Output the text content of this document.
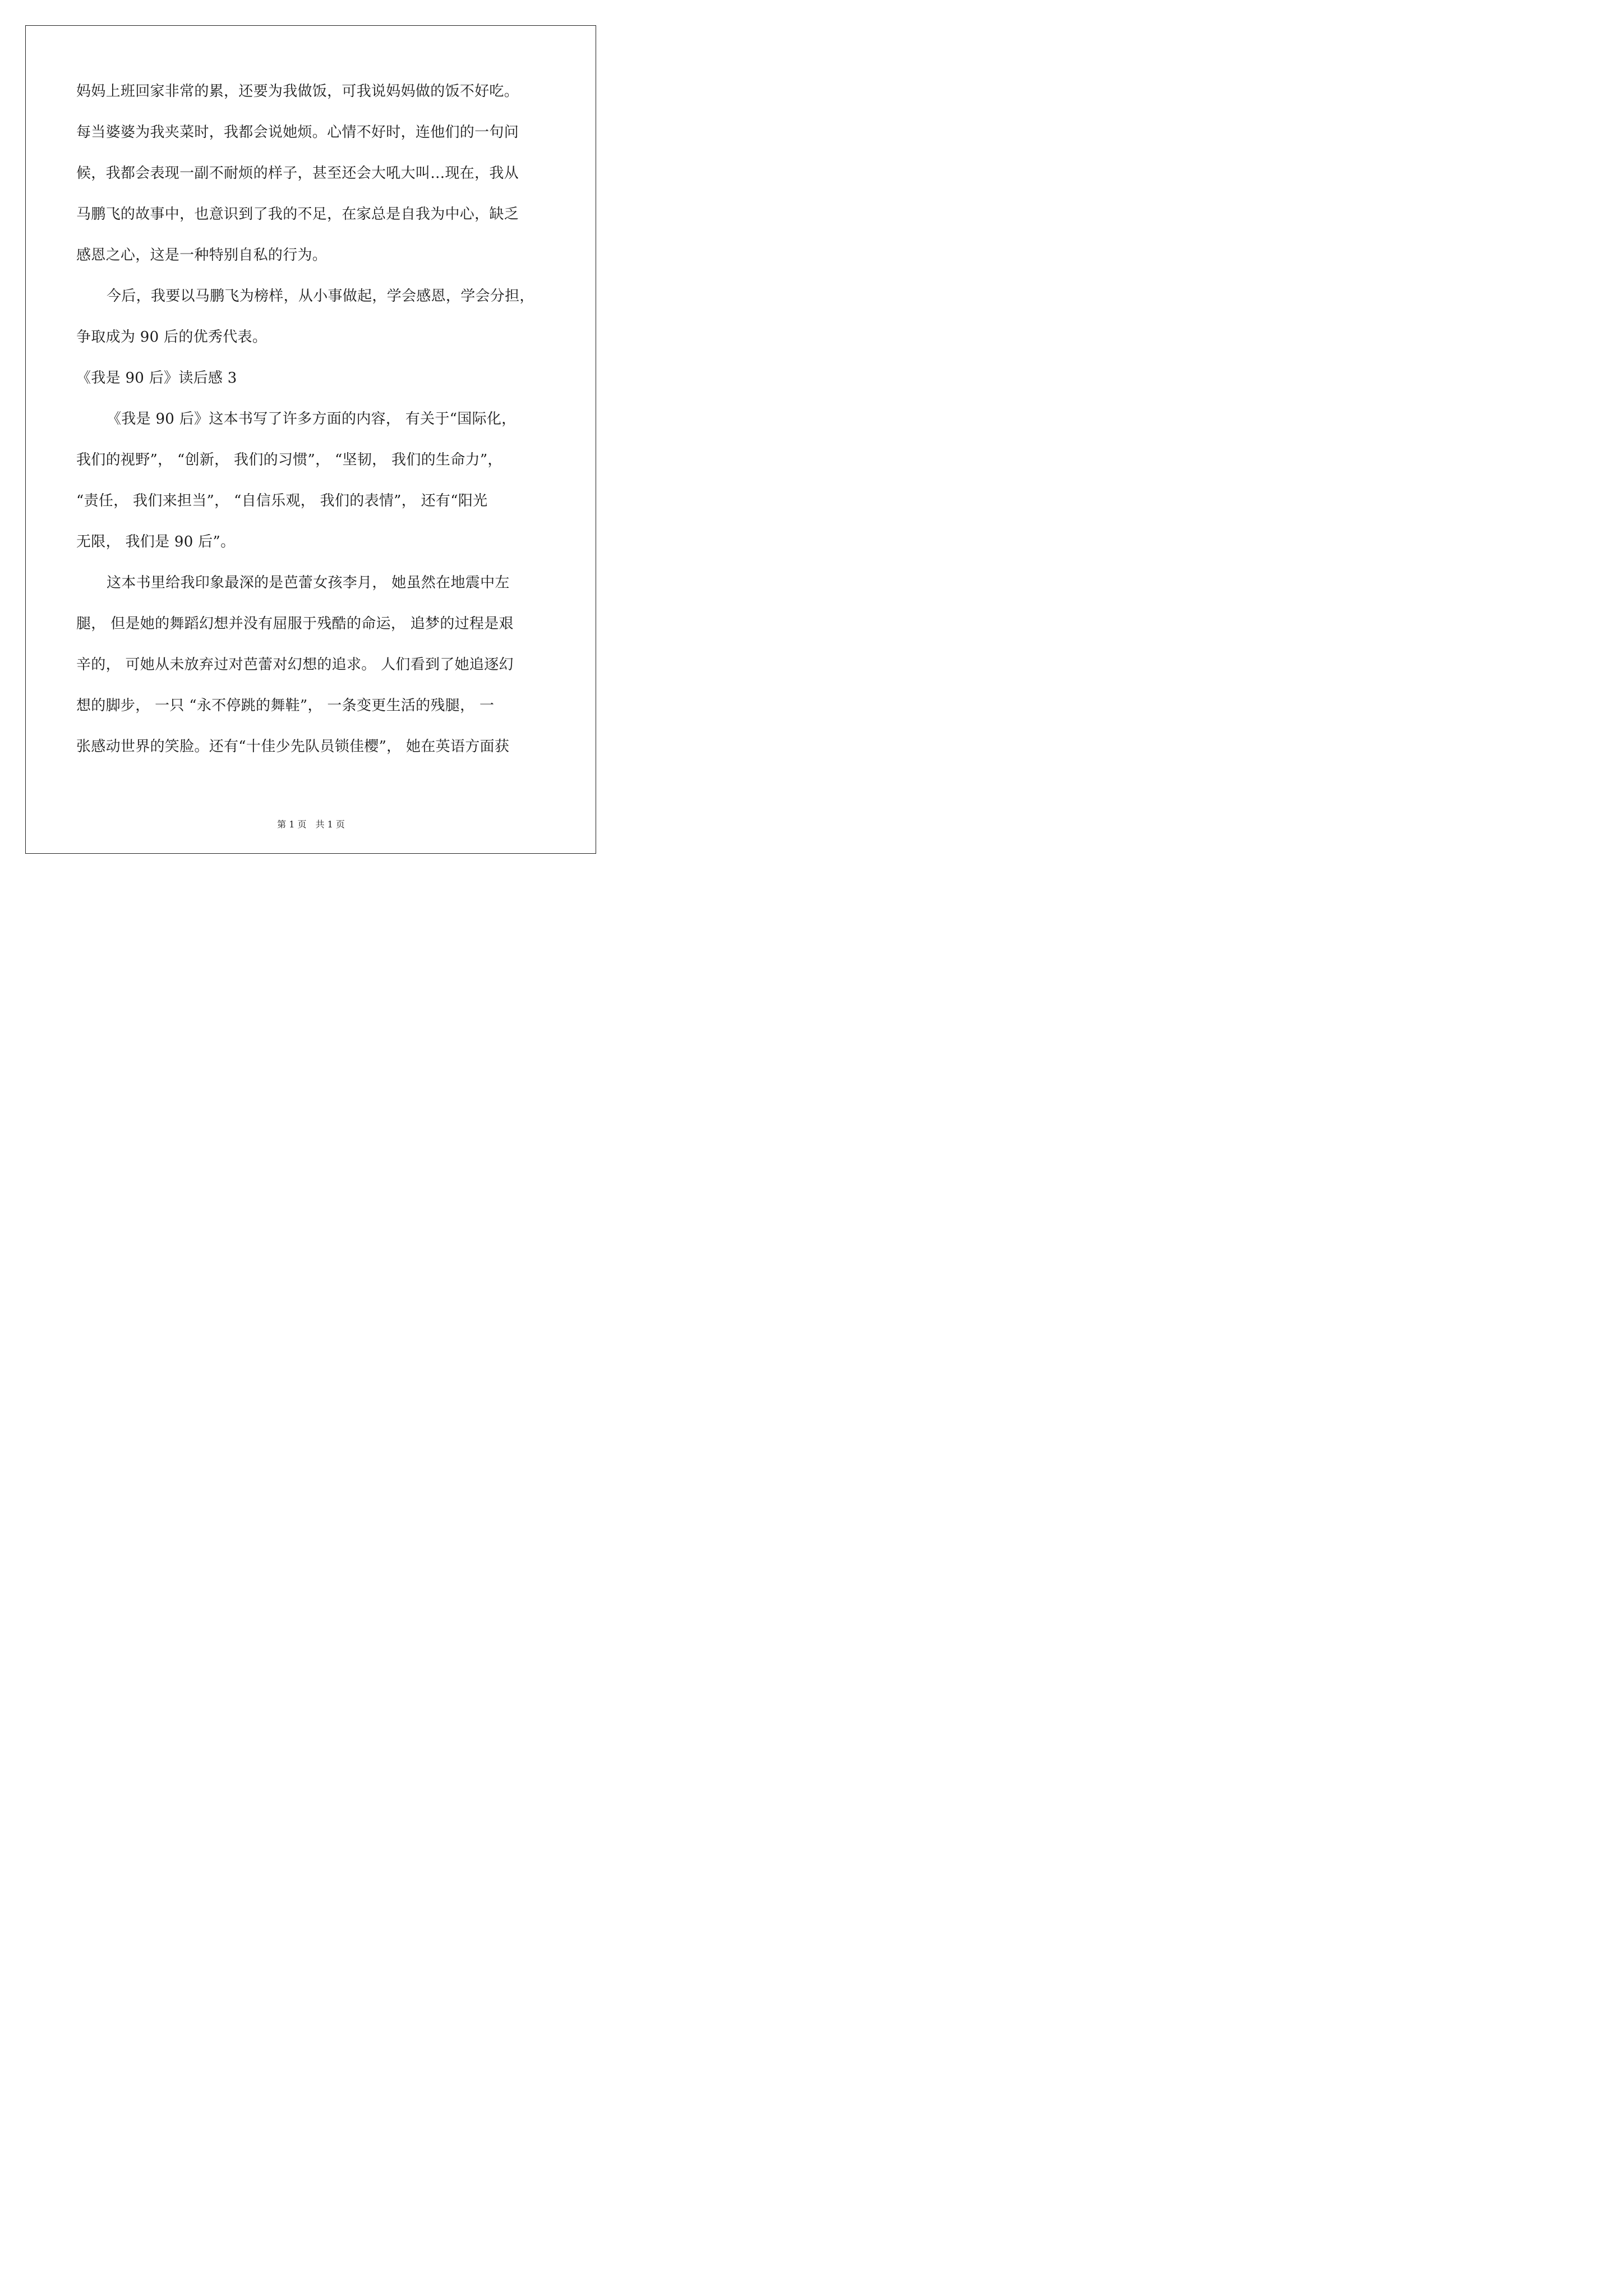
妈妈上班回家非常的累，还要为我做饭，可我说妈妈做的饭不好吃。
每当婆婆为我夹菜时，我都会说她烦。心情不好时，连他们的一句问
候，我都会表现一副不耐烦的样子，甚至还会大吼大叫…现在，我从
马鹏飞的故事中，也意识到了我的不足，在家总是自我为中心，缺乏
感恩之心，这是一种特别自私的行为。
今后，我要以马鹏飞为榜样，从小事做起，学会感恩，学会分担，
争取成为 90 后的优秀代表。
《我是 90 后》读后感 3
《我是 90 后》这本书写了许多方面的内容， 有关于“国际化，
我们的视野”， “创新， 我们的习惯”， “坚韧， 我们的生命力”，
“责任， 我们来担当”， “自信乐观， 我们的表情”， 还有“阳光
无限， 我们是 90 后”。
这本书里给我印象最深的是芭蕾女孩李月， 她虽然在地震中左
腿， 但是她的舞蹈幻想并没有屈服于残酷的命运， 追梦的过程是艰
辛的， 可她从未放弃过对芭蕾对幻想的追求。 人们看到了她追逐幻
想的脚步， 一只 “永不停跳的舞鞋”， 一条变更生活的残腿， 一
张感动世界的笑脸。还有“十佳少先队员锁佳樱”， 她在英语方面获
第 1 页　共 1 页
